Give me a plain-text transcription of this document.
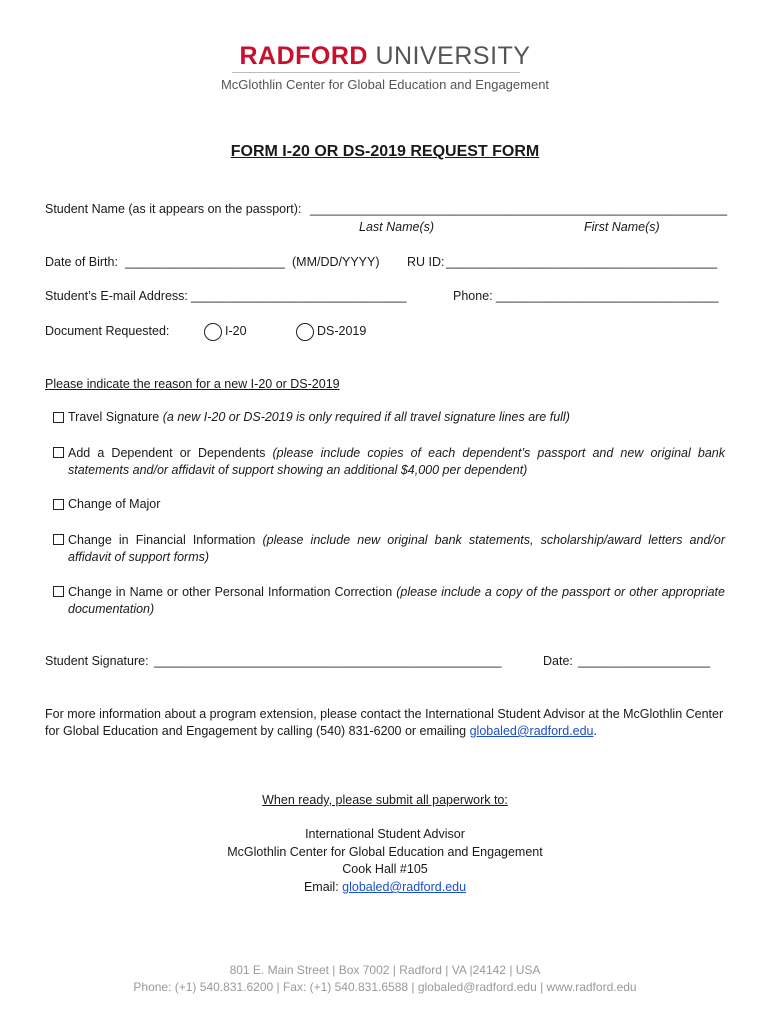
RADFORD UNIVERSITY
McGlothlin Center for Global Education and Engagement
FORM I-20 OR DS-2019 REQUEST FORM
Student Name (as it appears on the passport): ____________________________________________________________
Last Name(s)	First Name(s)
Date of Birth: _______________________ (MM/DD/YYYY) RU ID: _______________________________________
Student’s E-mail Address: _______________________________	Phone: ________________________________
Document Requested:	I-20	DS-2019
Please indicate the reason for a new I-20 or DS-2019
Travel Signature (a new I-20 or DS-2019 is only required if all travel signature lines are full)
Add a Dependent or Dependents (please include copies of each dependent’s passport and new original bank statements and/or affidavit of support showing an additional $4,000 per dependent)
Change of Major
Change in Financial Information (please include new original bank statements, scholarship/award letters and/or affidavit of support forms)
Change in Name or other Personal Information Correction (please include a copy of the passport or other appropriate documentation)
Student Signature: __________________________________________________	Date: ___________________
For more information about a program extension, please contact the International Student Advisor at the McGlothlin Center for Global Education and Engagement by calling (540) 831-6200 or emailing globaled@radford.edu.
When ready, please submit all paperwork to:
International Student Advisor
McGlothlin Center for Global Education and Engagement
Cook Hall #105
Email: globaled@radford.edu
801 E. Main Street | Box 7002 | Radford | VA |24142 | USA
Phone: (+1) 540.831.6200 | Fax: (+1) 540.831.6588 | globaled@radford.edu | www.radford.edu
